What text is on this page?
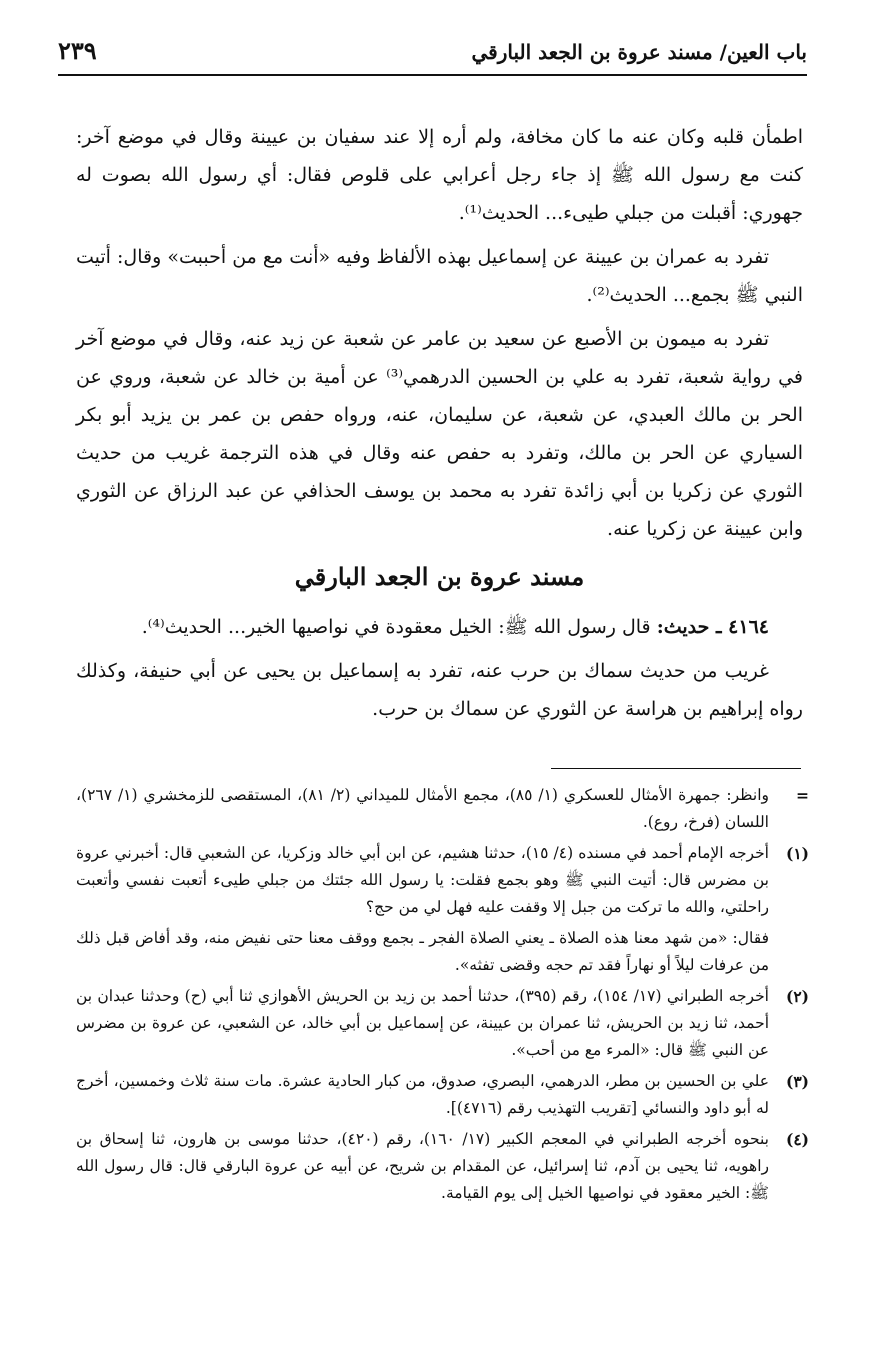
باب العين/ مسند عروة بن الجعد البارقي
٢٣٩

اطمأن قلبه وكان عنه ما كان مخافة، ولم أره إلا عند سفيان بن عيينة وقال في موضع آخر: كنت مع رسول الله ﷺ إذ جاء رجل أعرابي على قلوص فقال: أي رسول الله بصوت له جهوري: أقبلت من جبلي طيىء... الحديث⁽¹⁾.

تفرد به عمران بن عيينة عن إسماعيل بهذه الألفاظ وفيه «أنت مع من أحببت» وقال: أتيت النبي ﷺ بجمع... الحديث⁽²⁾.

تفرد به ميمون بن الأصبع عن سعيد بن عامر عن شعبة عن زيد عنه، وقال في موضع آخر في رواية شعبة، تفرد به علي بن الحسين الدرهمي⁽³⁾ عن أمية بن خالد عن شعبة، وروي عن الحر بن مالك العبدي، عن شعبة، عن سليمان، عنه، ورواه حفص بن عمر بن يزيد أبو بكر السياري عن الحر بن مالك، وتفرد به حفص عنه وقال في هذه الترجمة غريب من حديث الثوري عن زكريا بن أبي زائدة تفرد به محمد بن يوسف الحذافي عن عبد الرزاق عن الثوري وابن عيينة عن زكريا عنه.

مسند عروة بن الجعد البارقي

٤١٦٤ ـ حديث: قال رسول الله ﷺ: الخيل معقودة في نواصيها الخير... الحديث⁽⁴⁾.

غريب من حديث سماك بن حرب عنه، تفرد به إسماعيل بن يحيى عن أبي حنيفة، وكذلك رواه إبراهيم بن هراسة عن الثوري عن سماك بن حرب.

=
وانظر: جمهرة الأمثال للعسكري (١/ ٨٥)، مجمع الأمثال للميداني (٢/ ٨١)، المستقصى للزمخشري (١/ ٢٦٧)، اللسان (فرخ، روع).
(١)
أخرجه الإمام أحمد في مسنده (٤/ ١٥)، حدثنا هشيم، عن ابن أبي خالد وزكريا، عن الشعبي قال: أخبرني عروة بن مضرس قال: أتيت النبي ﷺ وهو بجمع فقلت: يا رسول الله جئتك من جبلي طيىء أتعبت نفسي وأتعبت راحلتي، والله ما تركت من جبل إلا وقفت عليه فهل لي من حج؟
فقال: «من شهد معنا هذه الصلاة ـ يعني الصلاة الفجر ـ بجمع ووقف معنا حتى نفيض منه، وقد أفاض قبل ذلك من عرفات ليلاً أو نهاراً فقد تم حجه وقضى تفثه».
(٢)
أخرجه الطبراني (١٧/ ١٥٤)، رقم (٣٩٥)، حدثنا أحمد بن زيد بن الحريش الأهوازي ثنا أبي (ح) وحدثنا عبدان بن أحمد، ثنا زيد بن الحريش، ثنا عمران بن عيينة، عن إسماعيل بن أبي خالد، عن الشعبي، عن عروة بن مضرس عن النبي ﷺ قال: «المرء مع من أحب».
(٣)
علي بن الحسين بن مطر، الدرهمي، البصري، صدوق، من كبار الحادية عشرة. مات سنة ثلاث وخمسين، أخرج له أبو داود والنسائي [تقريب التهذيب رقم (٤٧١٦)].
(٤)
بنحوه أخرجه الطبراني في المعجم الكبير (١٧/ ١٦٠)، رقم (٤٢٠)، حدثنا موسى بن هارون، ثنا إسحاق بن راهويه، ثنا يحيى بن آدم، ثنا إسرائيل، عن المقدام بن شريح، عن أبيه عن عروة البارقي قال: قال رسول الله ﷺ: الخير معقود في نواصيها الخيل إلى يوم القيامة.
